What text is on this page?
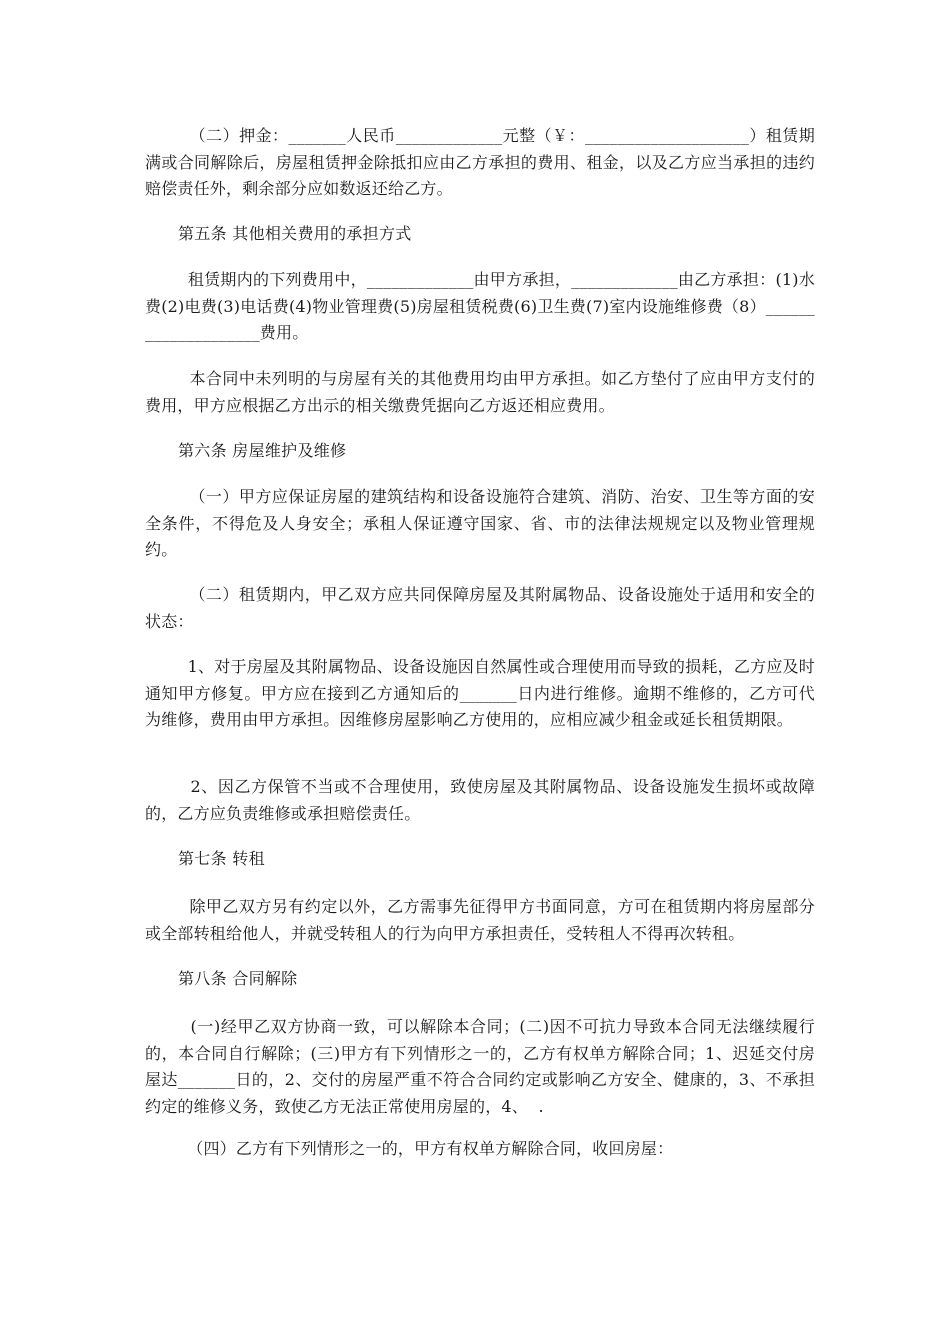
（二）押金：_______人民币_____________元整（￥：____________________）租赁期满或合同解除后，房屋租赁押金除抵扣应由乙方承担的费用、租金，以及乙方应当承担的违约赔偿责任外，剩余部分应如数返还给乙方。
第五条 其他相关费用的承担方式
租赁期内的下列费用中，_____________由甲方承担，_____________由乙方承担：(1)水费(2)电费(3)电话费(4)物业管理费(5)房屋租赁税费(6)卫生费(7)室内设施维修费（8）____________________费用。
本合同中未列明的与房屋有关的其他费用均由甲方承担。如乙方垫付了应由甲方支付的费用，甲方应根据乙方出示的相关缴费凭据向乙方返还相应费用。
第六条 房屋维护及维修
（一）甲方应保证房屋的建筑结构和设备设施符合建筑、消防、治安、卫生等方面的安全条件，不得危及人身安全；承租人保证遵守国家、省、市的法律法规规定以及物业管理规约。
（二）租赁期内，甲乙双方应共同保障房屋及其附属物品、设备设施处于适用和安全的状态：
1、对于房屋及其附属物品、设备设施因自然属性或合理使用而导致的损耗，乙方应及时通知甲方修复。甲方应在接到乙方通知后的_______日内进行维修。逾期不维修的，乙方可代为维修，费用由甲方承担。因维修房屋影响乙方使用的，应相应减少租金或延长租赁期限。
2、因乙方保管不当或不合理使用，致使房屋及其附属物品、设备设施发生损坏或故障的，乙方应负责维修或承担赔偿责任。
第七条 转租
除甲乙双方另有约定以外，乙方需事先征得甲方书面同意，方可在租赁期内将房屋部分或全部转租给他人，并就受转租人的行为向甲方承担责任，受转租人不得再次转租。
第八条 合同解除
(一)经甲乙双方协商一致，可以解除本合同；(二)因不可抗力导致本合同无法继续履行的，本合同自行解除；(三)甲方有下列情形之一的，乙方有权单方解除合同；1、迟延交付房屋达_______日的，2、交付的房屋严重不符合合同约定或影响乙方安全、健康的，3、不承担约定的维修义务，致使乙方无法正常使用房屋的，4、  .
（四）乙方有下列情形之一的，甲方有权单方解除合同，收回房屋：
